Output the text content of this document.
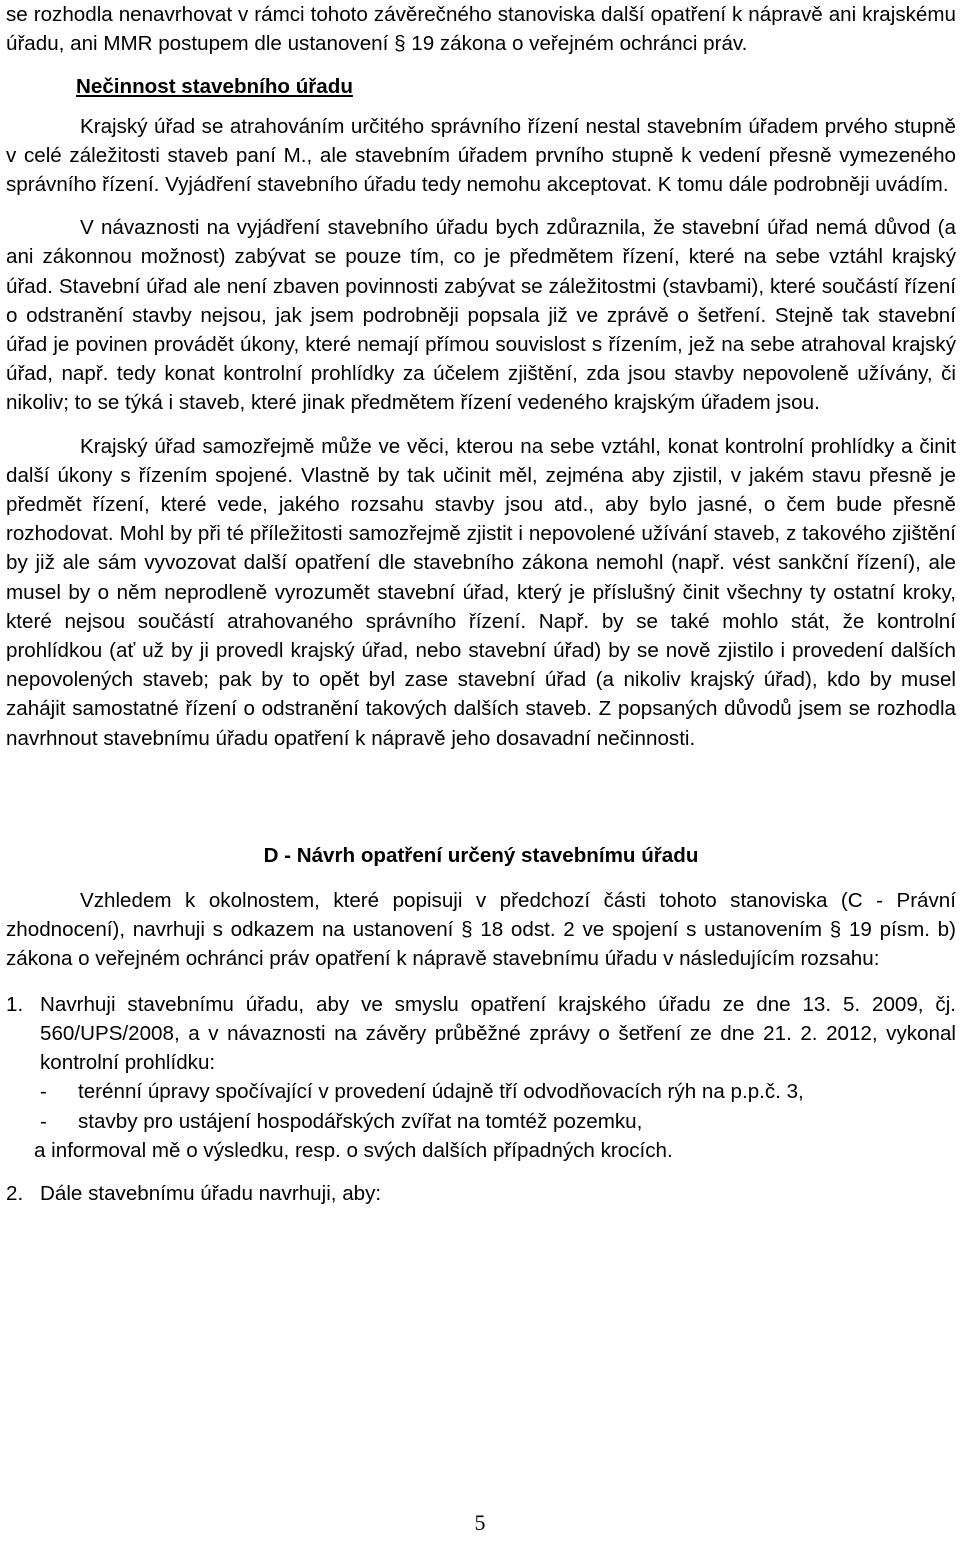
se rozhodla nenavrhovat v rámci tohoto závěrečného stanoviska další opatření k nápravě ani krajskému úřadu, ani MMR postupem dle ustanovení § 19 zákona o veřejném ochránci práv.

Nečinnost stavebního úřadu

Krajský úřad se atrahováním určitého správního řízení nestal stavebním úřadem prvého stupně v celé záležitosti staveb paní M., ale stavebním úřadem prvního stupně k vedení přesně vymezeného správního řízení. Vyjádření stavebního úřadu tedy nemohu akceptovat. K tomu dále podrobněji uvádím.

V návaznosti na vyjádření stavebního úřadu bych zdůraznila, že stavební úřad nemá důvod (a ani zákonnou možnost) zabývat se pouze tím, co je předmětem řízení, které na sebe vztáhl krajský úřad. Stavební úřad ale není zbaven povinnosti zabývat se záležitostmi (stavbami), které součástí řízení o odstranění stavby nejsou, jak jsem podrobněji popsala již ve zprávě o šetření. Stejně tak stavební úřad je povinen provádět úkony, které nemají přímou souvislost s řízením, jež na sebe atrahoval krajský úřad, např. tedy konat kontrolní prohlídky za účelem zjištění, zda jsou stavby nepovoleně užívány, či nikoliv; to se týká i staveb, které jinak předmětem řízení vedeného krajským úřadem jsou.

Krajský úřad samozřejmě může ve věci, kterou na sebe vztáhl, konat kontrolní prohlídky a činit další úkony s řízením spojené. Vlastně by tak učinit měl, zejména aby zjistil, v jakém stavu přesně je předmět řízení, které vede, jakého rozsahu stavby jsou atd., aby bylo jasné, o čem bude přesně rozhodovat. Mohl by při té příležitosti samozřejmě zjistit i nepovolené užívání staveb, z takového zjištění by již ale sám vyvozovat další opatření dle stavebního zákona nemohl (např. vést sankční řízení), ale musel by o něm neprodleně vyrozumět stavební úřad, který je příslušný činit všechny ty ostatní kroky, které nejsou součástí atrahovaného správního řízení. Např. by se také mohlo stát, že kontrolní prohlídkou (ať už by ji provedl krajský úřad, nebo stavební úřad) by se nově zjistilo i provedení dalších nepovolených staveb; pak by to opět byl zase stavební úřad (a nikoliv krajský úřad), kdo by musel zahájit samostatné řízení o odstranění takových dalších staveb. Z popsaných důvodů jsem se rozhodla navrhnout stavebnímu úřadu opatření k nápravě jeho dosavadní nečinnosti.

D - Návrh opatření určený stavebnímu úřadu

Vzhledem k okolnostem, které popisuji v předchozí části tohoto stanoviska (C - Právní zhodnocení), navrhuji s odkazem na ustanovení § 18 odst. 2 ve spojení s ustanovením § 19 písm. b) zákona o veřejném ochránci práv opatření k nápravě stavebnímu úřadu v následujícím rozsahu:

1. Navrhuji stavebnímu úřadu, aby ve smyslu opatření krajského úřadu ze dne 13. 5. 2009, čj. 560/UPS/2008, a v návaznosti na závěry průběžné zprávy o šetření ze dne 21. 2. 2012, vykonal kontrolní prohlídku:
-	terénní úpravy spočívající v provedení údajně tří odvodňovacích rýh na p.p.č. 3,
-	stavby pro ustájení hospodářských zvířat na tomtéž pozemku,
a informoval mě o výsledku, resp. o svých dalších případných krocích.
2. Dále stavebnímu úřadu navrhuji, aby:
5
